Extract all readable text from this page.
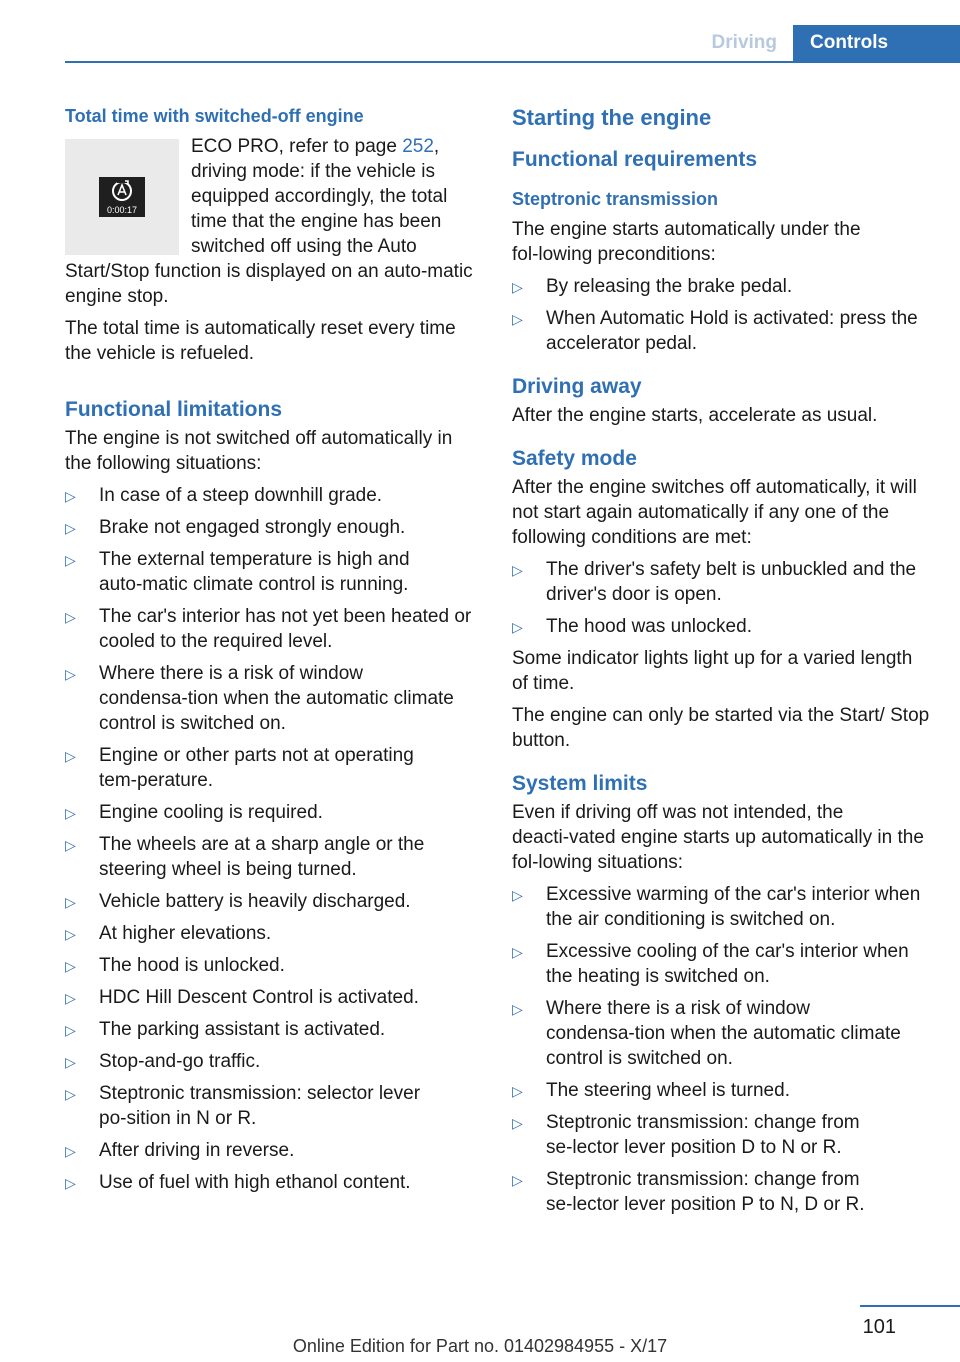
Driving	Controls
Total time with switched-off engine
0:00:17

ECO PRO, refer to page 252, driving mode: if the vehicle is equipped accordingly, the total time that the engine has been switched off using the Auto Start/Stop function is displayed on an auto‑matic engine stop.

The total time is automatically reset every time the vehicle is refueled.

Functional limitations

The engine is not switched off automatically in the following situations:

▷ In case of a steep downhill grade.
▷ Brake not engaged strongly enough.
▷ The external temperature is high and auto‑matic climate control is running.
▷ The car's interior has not yet been heated or cooled to the required level.
▷ Where there is a risk of window condensa‑tion when the automatic climate control is switched on.
▷ Engine or other parts not at operating tem‑perature.
▷ Engine cooling is required.
▷ The wheels are at a sharp angle or the steering wheel is being turned.
▷ Vehicle battery is heavily discharged.
▷ At higher elevations.
▷ The hood is unlocked.
▷ HDC Hill Descent Control is activated.
▷ The parking assistant is activated.
▷ Stop-and-go traffic.
▷ Steptronic transmission: selector lever po‑sition in N or R.
▷ After driving in reverse.
▷ Use of fuel with high ethanol content.
Starting the engine
Functional requirements
Steptronic transmission

The engine starts automatically under the fol‑lowing preconditions:

▷ By releasing the brake pedal.
▷ When Automatic Hold is activated: press the accelerator pedal.
Driving away

After the engine starts, accelerate as usual.

Safety mode

After the engine switches off automatically, it will not start again automatically if any one of the following conditions are met:

▷ The driver's safety belt is unbuckled and the driver's door is open.
▷ The hood was unlocked.

Some indicator lights light up for a varied length of time.

The engine can only be started via the Start/ Stop button.

System limits

Even if driving off was not intended, the deacti‑vated engine starts up automatically in the fol‑lowing situations:

▷ Excessive warming of the car's interior when the air conditioning is switched on.
▷ Excessive cooling of the car's interior when the heating is switched on.
▷ Where there is a risk of window condensa‑tion when the automatic climate control is switched on.
▷ The steering wheel is turned.
▷ Steptronic transmission: change from se‑lector lever position D to N or R.
▷ Steptronic transmission: change from se‑lector lever position P to N, D or R.
101
Online Edition for Part no. 01402984955 - X/17
